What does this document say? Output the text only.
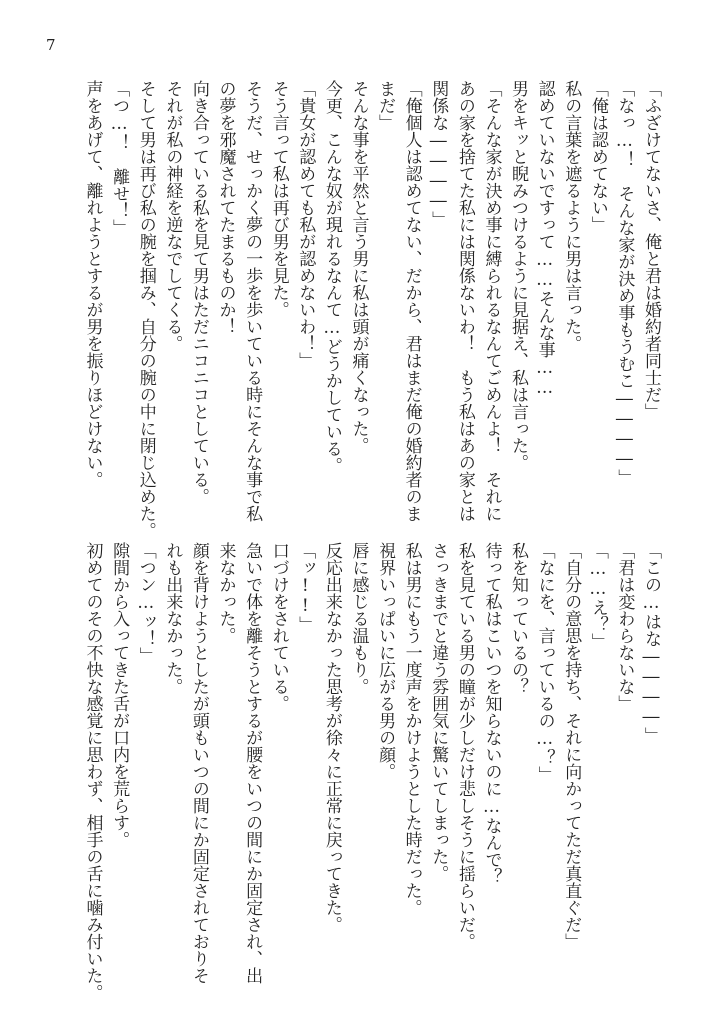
7
「ふざけてないさ、俺と君は婚約者同士だ」
「なっ…！　そんな家が決め事もうむこ――――」
「俺は認めてない」
私の言葉を遮るように男は言った。
認めていないですって……そんな事……
男をキッと睨みつけるように見据え、私は言った。
「そんな家が決め事に縛られるなんてごめんよ！　それに
あの家を捨てた私には関係ないわ！　もう私はあの家とは
関係な――――」
「俺個人は認めてない、だから、君はまだ俺の婚約者のま
まだ」
そんな事を平然と言う男に私は頭が痛くなった。
今更、こんな奴が現れるなんて…どうかしている。
「貴女が認めても私が認めないわ！」
そう言って私は再び男を見た。
そうだ、せっかく夢の一歩を歩いている時にそんな事で私
の夢を邪魔されてたまるものか！
向き合っている私を見て男はただニコニコとしている。
それが私の神経を逆なでしてくる。
そして男は再び私の腕を掴み、自分の腕の中に閉じ込めた。
「つ…！　離せ！」
声をあげて、離れようとするが男を振りほどけない。
「この…はな――――」
「君は変わらないな」
「……え？」
「自分の意思を持ち、それに向かってただ真直ぐだ」
「なにを、言っているの…？」
私を知っているの？
待って私はこいつを知らないのに…なんで？
私を見ている男の瞳が少しだけ悲しそうに揺らいだ。
さっきまでと違う雰囲気に驚いてしまった。
私は男にもう一度声をかけようとした時だった。
視界いっぱいに広がる男の顔。
唇に感じる温もり。
反応出来なかった思考が徐々に正常に戻ってきた。
「ッ!!」
口づけをされている。
急いで体を離そうとするが腰をいつの間にか固定され、出
来なかった。
顔を背けようとしたが頭もいつの間にか固定されておりそ
れも出来なかった。
「つン…ッ！」
隙間から入ってきた舌が口内を荒らす。
初めてのその不快な感覚に思わず、相手の舌に噛み付いた。
